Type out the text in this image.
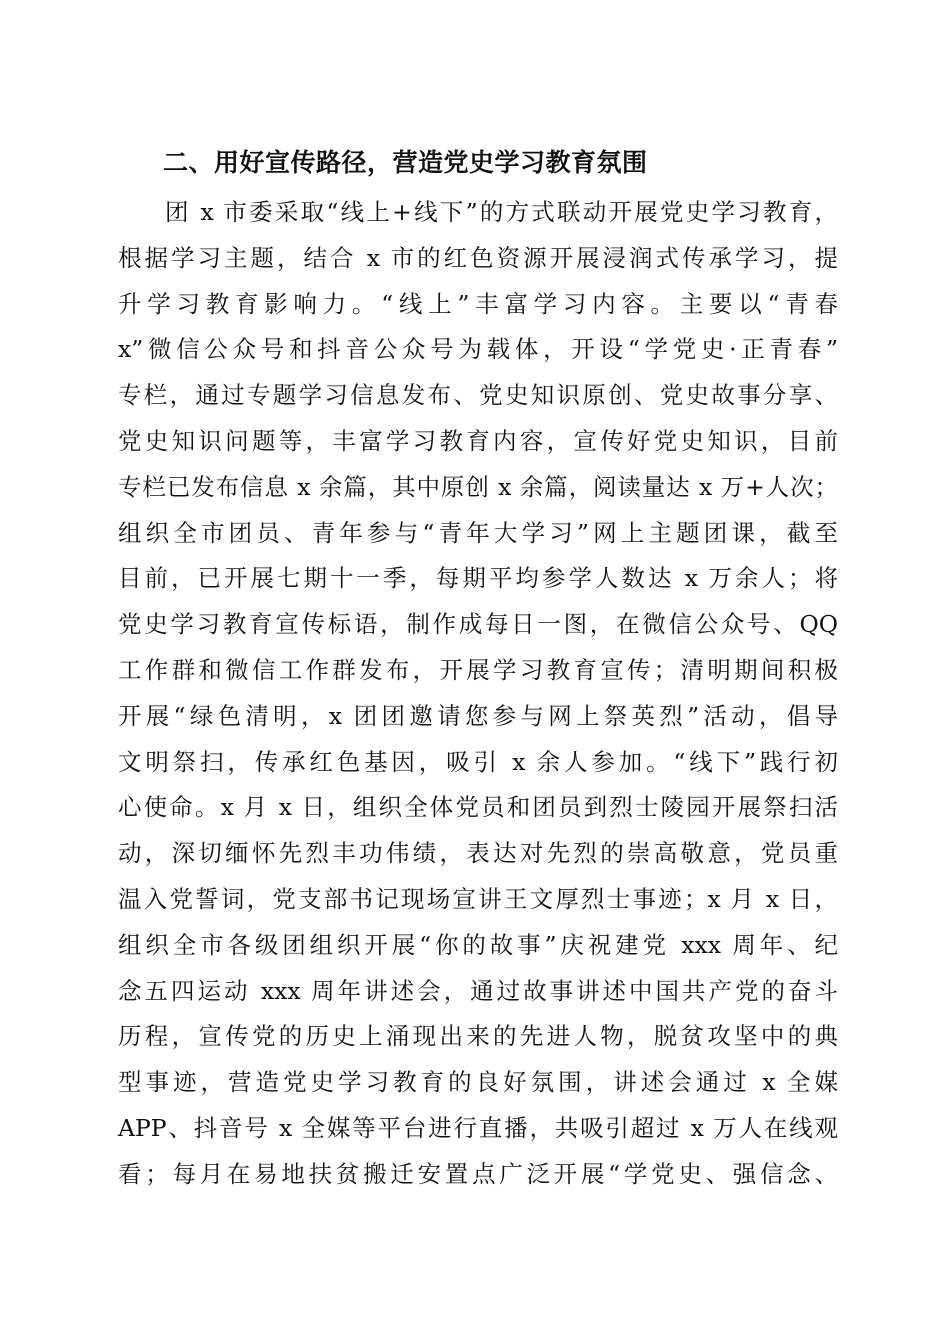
二、用好宣传路径，营造党史学习教育氛围
团 x 市委采取“线上+线下”的方式联动开展党史学习教育，
根据学习主题，结合 x 市的红色资源开展浸润式传承学习，提
升学习教育影响力。“线上”丰富学习内容。主要以“青春
x”微信公众号和抖音公众号为载体，开设“学党史·正青春”
专栏，通过专题学习信息发布、党史知识原创、党史故事分享、
党史知识问题等，丰富学习教育内容，宣传好党史知识，目前
专栏已发布信息 x 余篇，其中原创 x 余篇，阅读量达 x 万+人次；
组织全市团员、青年参与“青年大学习”网上主题团课，截至
目前，已开展七期十一季，每期平均参学人数达 x 万余人；将
党史学习教育宣传标语，制作成每日一图，在微信公众号、QQ
工作群和微信工作群发布，开展学习教育宣传；清明期间积极
开展“绿色清明，x 团团邀请您参与网上祭英烈”活动，倡导
文明祭扫，传承红色基因，吸引 x 余人参加。“线下”践行初
心使命。x 月 x 日，组织全体党员和团员到烈士陵园开展祭扫活
动，深切缅怀先烈丰功伟绩，表达对先烈的崇高敬意，党员重
温入党誓词，党支部书记现场宣讲王文厚烈士事迹；x 月 x 日，
组织全市各级团组织开展“你的故事”庆祝建党 xxx 周年、纪
念五四运动 xxx 周年讲述会，通过故事讲述中国共产党的奋斗
历程，宣传党的历史上涌现出来的先进人物，脱贫攻坚中的典
型事迹，营造党史学习教育的良好氛围，讲述会通过 x 全媒
APP、抖音号 x 全媒等平台进行直播，共吸引超过 x 万人在线观
看；每月在易地扶贫搬迁安置点广泛开展“学党史、强信念、
